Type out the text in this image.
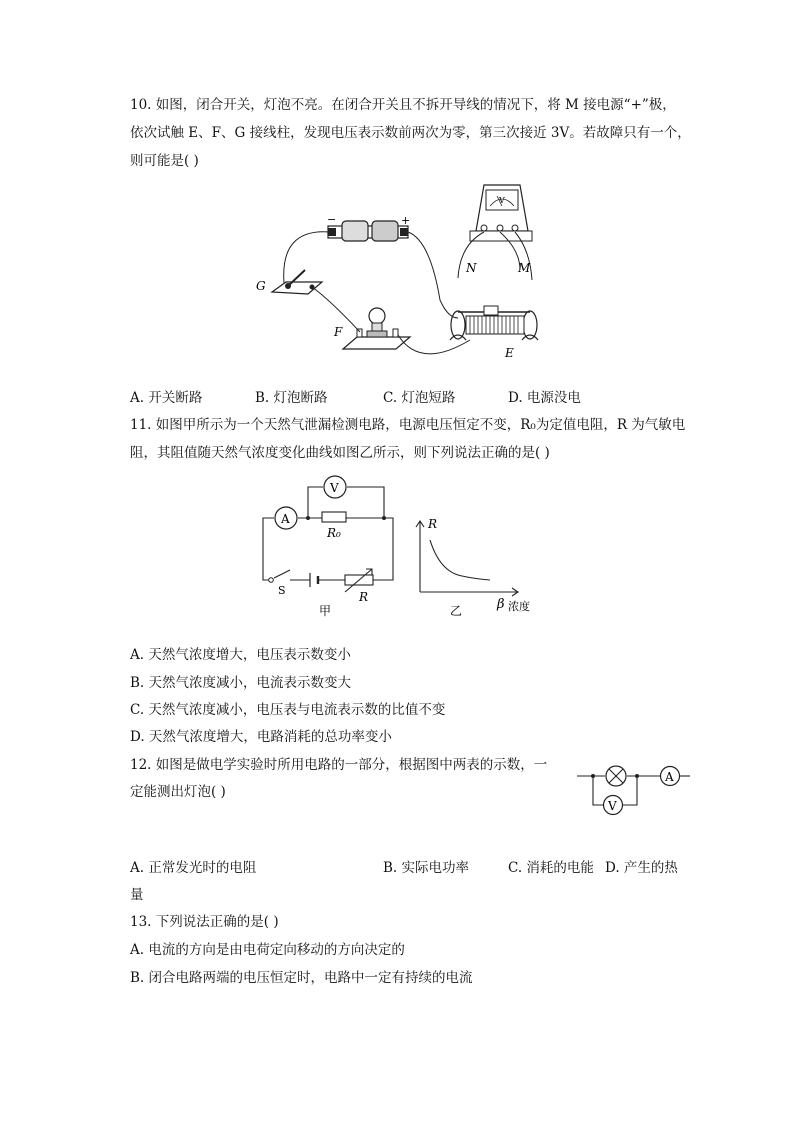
10. 如图，闭合开关，灯泡不亮。在闭合开关且不拆开导线的情况下，将 M 接电源“+”极，
依次试触 E、F、G 接线柱，发现电压表示数前两次为零，第三次接近 3V。若故障只有一个，
则可能是( )
−	+
V
G
F
E
N	M
A. 开关断路	B. 灯泡断路	C. 灯泡短路	D. 电源没电
11. 如图甲所示为一个天然气泄漏检测电路，电源电压恒定不变，R₀为定值电阻，R 为气敏电
阻，其阻值随天然气浓度变化曲线如图乙所示，则下列说法正确的是( )
A
V
R₀
R
S
甲
R
β 浓度
乙
A. 天然气浓度增大，电压表示数变小
B. 天然气浓度减小，电流表示数变大
C. 天然气浓度减小，电压表与电流表示数的比值不变
D. 天然气浓度增大，电路消耗的总功率变小
12. 如图是做电学实验时所用电路的一部分，根据图中两表的示数，一
定能测出灯泡( )
A
V
A. 正常发光时的电阻	B. 实际电功率	C. 消耗的电能 D. 产生的热
量
13. 下列说法正确的是( )
A. 电流的方向是由电荷定向移动的方向决定的
B. 闭合电路两端的电压恒定时，电路中一定有持续的电流
